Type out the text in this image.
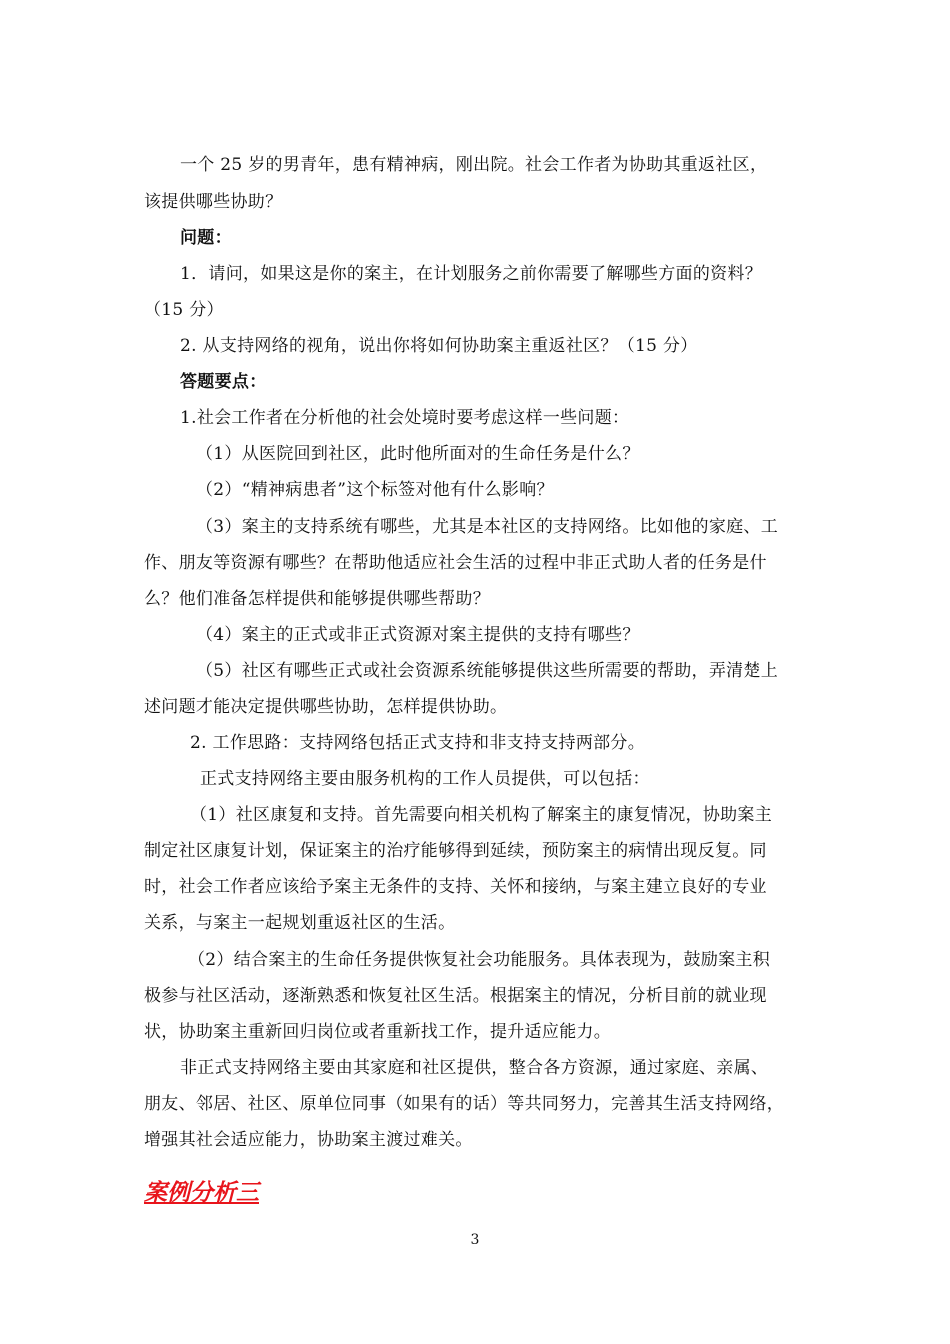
一个 25 岁的男青年，患有精神病，刚出院。社会工作者为协助其重返社区，
该提供哪些协助？
问题：
1．请问，如果这是你的案主，在计划服务之前你需要了解哪些方面的资料？
（15 分）
2. 从支持网络的视角，说出你将如何协助案主重返社区？（15 分）
答题要点：
1.社会工作者在分析他的社会处境时要考虑这样一些问题：
（1）从医院回到社区，此时他所面对的生命任务是什么？
（2）“精神病患者”这个标签对他有什么影响？
（3）案主的支持系统有哪些，尤其是本社区的支持网络。比如他的家庭、工
作、朋友等资源有哪些？在帮助他适应社会生活的过程中非正式助人者的任务是什
么？他们准备怎样提供和能够提供哪些帮助？
（4）案主的正式或非正式资源对案主提供的支持有哪些？
（5）社区有哪些正式或社会资源系统能够提供这些所需要的帮助，弄清楚上
述问题才能决定提供哪些协助，怎样提供协助。
2. 工作思路：支持网络包括正式支持和非支持支持两部分。
正式支持网络主要由服务机构的工作人员提供，可以包括：
（1）社区康复和支持。首先需要向相关机构了解案主的康复情况，协助案主
制定社区康复计划，保证案主的治疗能够得到延续，预防案主的病情出现反复。同
时，社会工作者应该给予案主无条件的支持、关怀和接纳，与案主建立良好的专业
关系，与案主一起规划重返社区的生活。
（2）结合案主的生命任务提供恢复社会功能服务。具体表现为，鼓励案主积
极参与社区活动，逐渐熟悉和恢复社区生活。根据案主的情况，分析目前的就业现
状，协助案主重新回归岗位或者重新找工作，提升适应能力。
非正式支持网络主要由其家庭和社区提供，整合各方资源，通过家庭、亲属、
朋友、邻居、社区、原单位同事（如果有的话）等共同努力，完善其生活支持网络，
增强其社会适应能力，协助案主渡过难关。
案例分析三
3
